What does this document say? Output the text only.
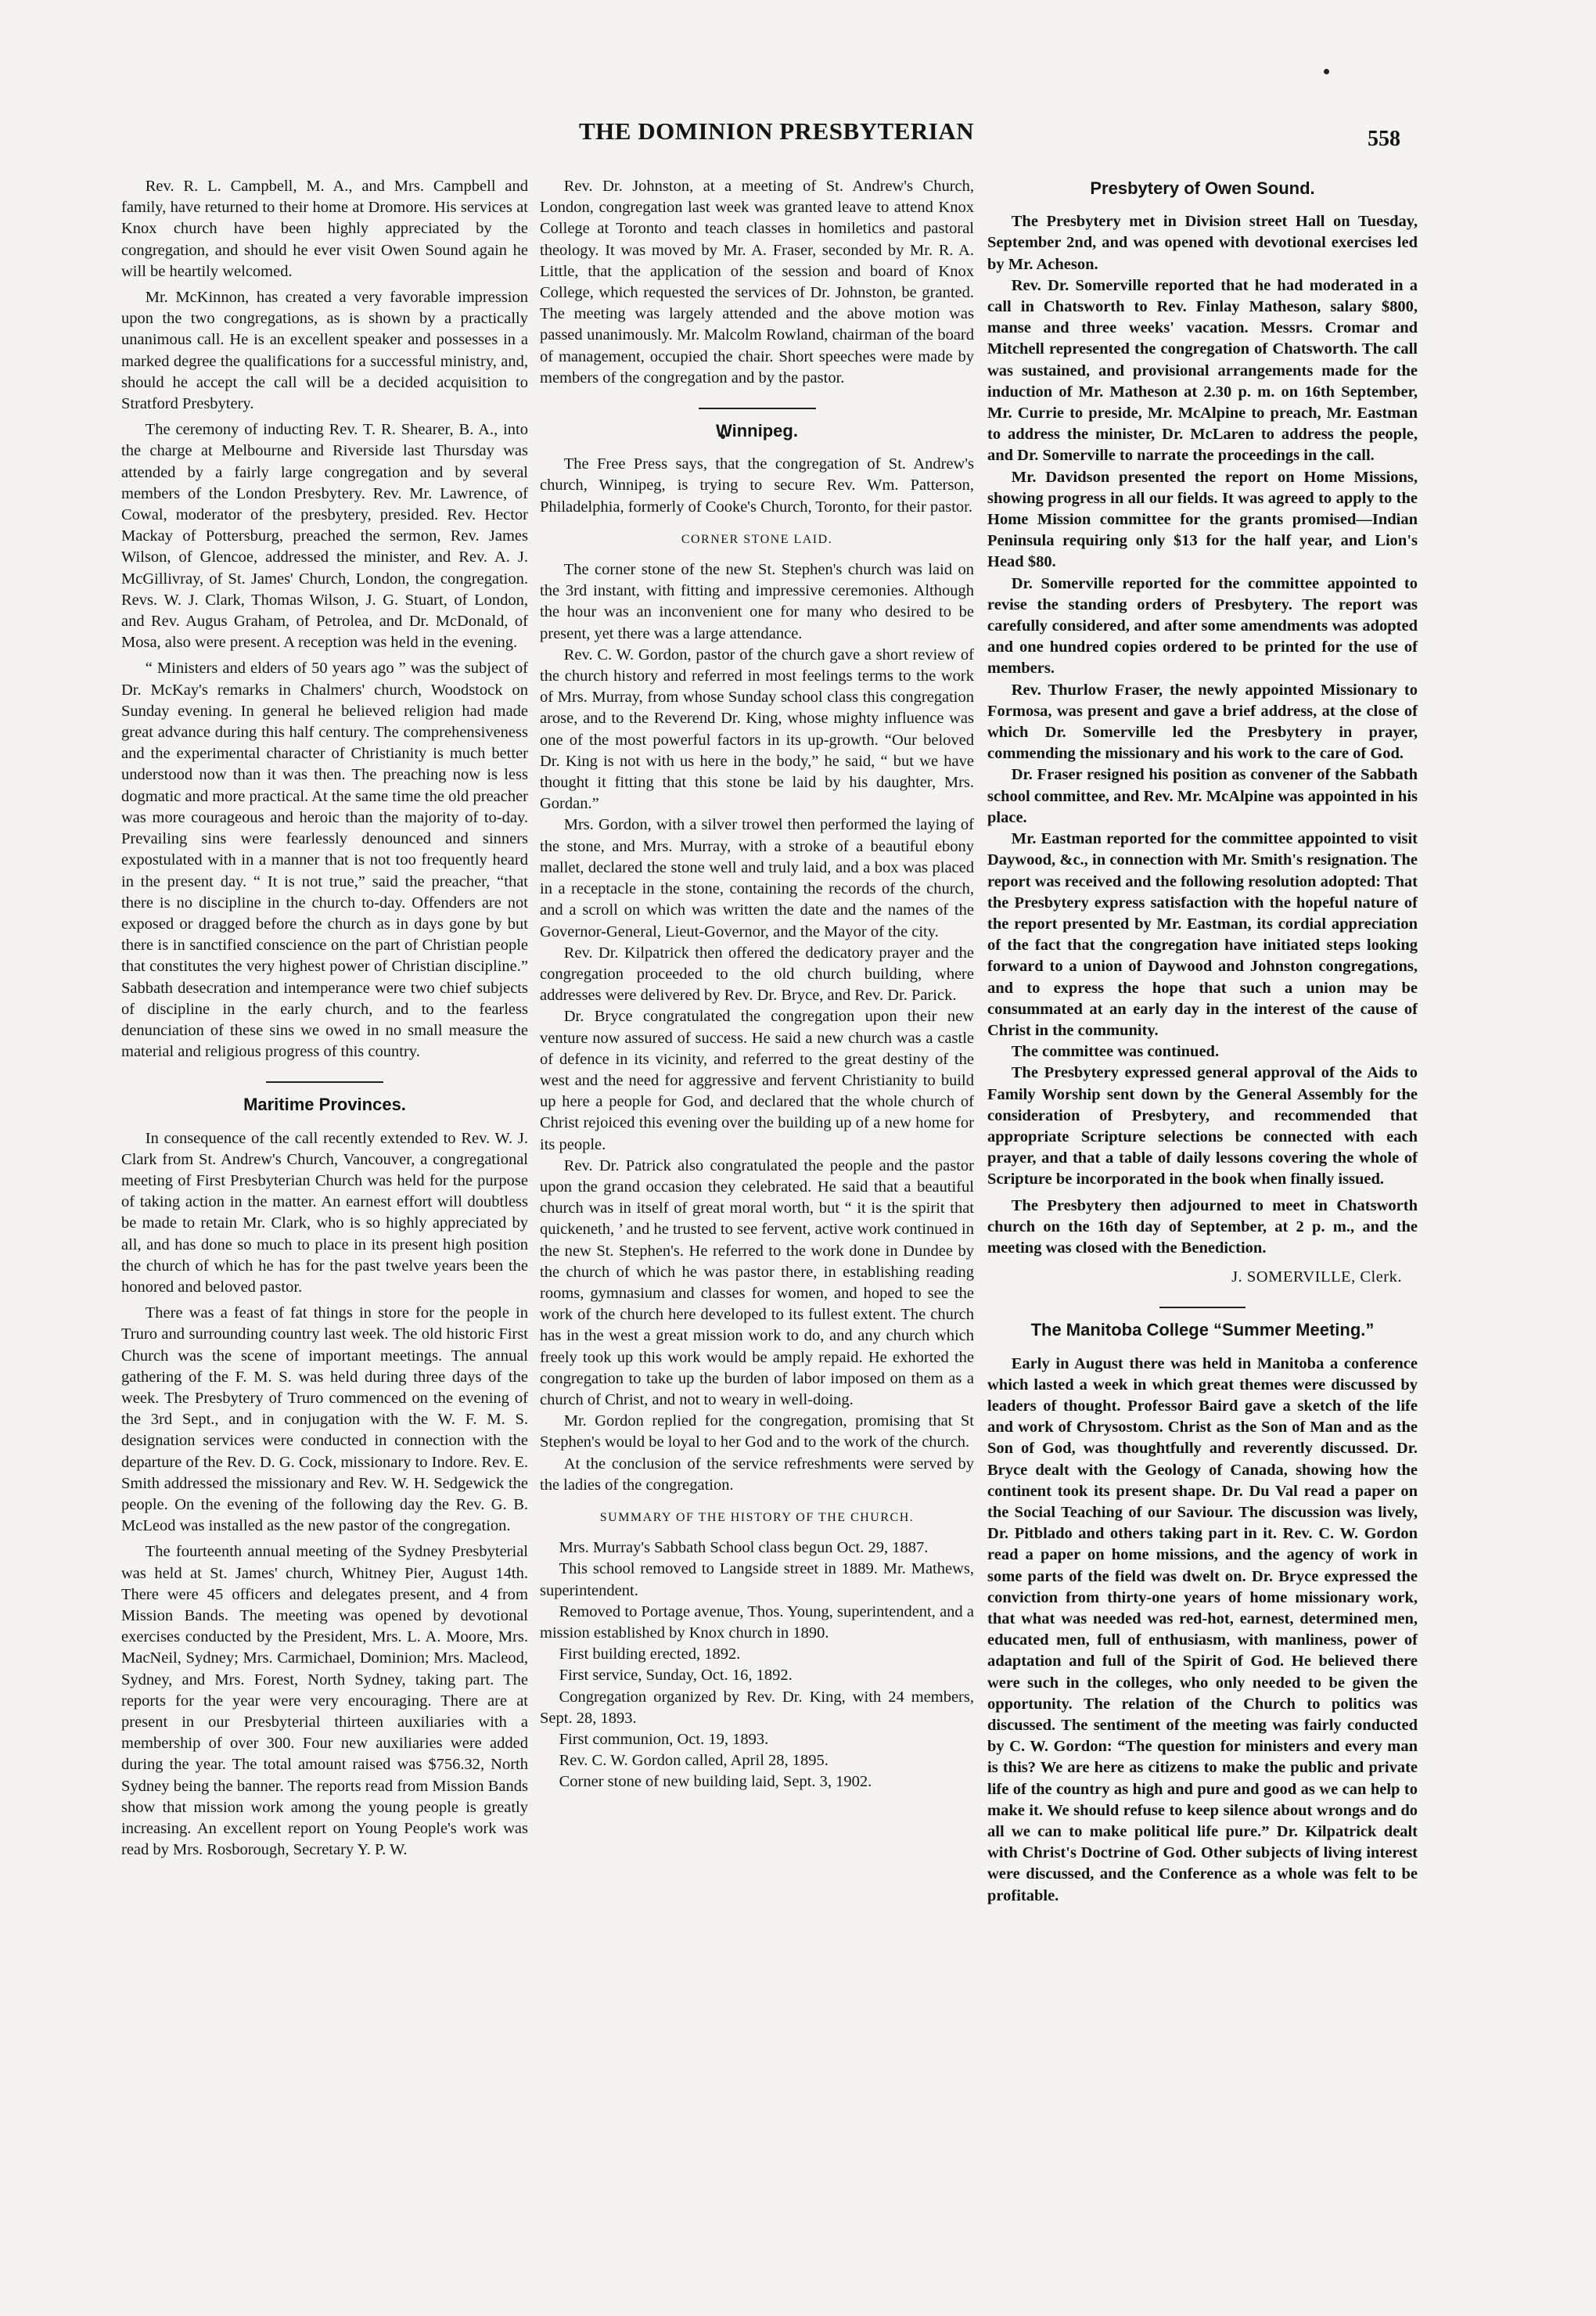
THE DOMINION PRESBYTERIAN	558

Rev. R. L. Campbell, M. A., and Mrs. Campbell and family, have returned to their home at Dromore. His services at Knox church have been highly appreciated by the congregation, and should he ever visit Owen Sound again he will be heartily welcomed.

Mr. McKinnon, has created a very favorable impression upon the two congregations, as is shown by a practically unanimous call. He is an excellent speaker and possesses in a marked degree the qualifications for a successful ministry, and, should he accept the call will be a decided acquisition to Stratford Presbytery.

The ceremony of inducting Rev. T. R. Shearer, B. A., into the charge at Melbourne and Riverside last Thursday was attended by a fairly large congregation and by several members of the London Presbytery. Rev. Mr. Lawrence, of Cowal, moderator of the presbytery, presided. Rev. Hector Mackay of Pottersburg, preached the sermon, Rev. James Wilson, of Glencoe, addressed the minister, and Rev. A. J. McGillivray, of St. James' Church, London, the congregation. Revs. W. J. Clark, Thomas Wilson, J. G. Stuart, of London, and Rev. Augus Graham, of Petrolea, and Dr. McDonald, of Mosa, also were present. A reception was held in the evening.

“ Ministers and elders of 50 years ago ” was the subject of Dr. McKay's remarks in Chalmers' church, Woodstock on Sunday evening. In general he believed religion had made great advance during this half century. The comprehensiveness and the experimental character of Christianity is much better understood now than it was then. The preaching now is less dogmatic and more practical. At the same time the old preacher was more courageous and heroic than the majority of to-day. Prevailing sins were fearlessly denounced and sinners expostulated with in a manner that is not too frequently heard in the present day. “ It is not true,” said the preacher, “that there is no discipline in the church to-day. Offenders are not exposed or dragged before the church as in days gone by but there is in sanctified conscience on the part of Christian people that constitutes the very highest power of Christian discipline.” Sabbath desecration and intemperance were two chief subjects of discipline in the early church, and to the fearless denunciation of these sins we owed in no small measure the material and religious progress of this country.

Maritime Provinces.

In consequence of the call recently extended to Rev. W. J. Clark from St. Andrew's Church, Vancouver, a congregational meeting of First Presbyterian Church was held for the purpose of taking action in the matter. An earnest effort will doubtless be made to retain Mr. Clark, who is so highly appreciated by all, and has done so much to place in its present high position the church of which he has for the past twelve years been the honored and beloved pastor.

There was a feast of fat things in store for the people in Truro and surrounding country last week. The old historic First Church was the scene of important meetings. The annual gathering of the F. M. S. was held during three days of the week. The Presbytery of Truro commenced on the evening of the 3rd Sept., and in conjugation with the W. F. M. S. designation services were conducted in connection with the departure of the Rev. D. G. Cock, missionary to Indore. Rev. E. Smith addressed the missionary and Rev. W. H. Sedgewick the people. On the evening of the following day the Rev. G. B. McLeod was installed as the new pastor of the congregation.

The fourteenth annual meeting of the Sydney Presbyterial was held at St. James' church, Whitney Pier, August 14th. There were 45 officers and delegates present, and 4 from Mission Bands. The meeting was opened by devotional exercises conducted by the President, Mrs. L. A. Moore, Mrs. MacNeil, Sydney; Mrs. Carmichael, Dominion; Mrs. Macleod, Sydney, and Mrs. Forest, North Sydney, taking part. The reports for the year were very encouraging. There are at present in our Presbyterial thirteen auxiliaries with a membership of over 300. Four new auxiliaries were added during the year. The total amount raised was $756.32, North Sydney being the banner. The reports read from Mission Bands show that mission work among the young people is greatly increasing. An excellent report on Young People's work was read by Mrs. Rosborough, Secretary Y. P. W.

Rev. Dr. Johnston, at a meeting of St. Andrew's Church, London, congregation last week was granted leave to attend Knox College at Toronto and teach classes in homiletics and pastoral theology. It was moved by Mr. A. Fraser, seconded by Mr. R. A. Little, that the application of the session and board of Knox College, which requested the services of Dr. Johnston, be granted. The meeting was largely attended and the above motion was passed unanimously. Mr. Malcolm Rowland, chairman of the board of management, occupied the chair. Short speeches were made by members of the congregation and by the pastor.

Winnipeg.

The Free Press says, that the congregation of St. Andrew's church, Winnipeg, is trying to secure Rev. Wm. Patterson, Philadelphia, formerly of Cooke's Church, Toronto, for their pastor.

CORNER STONE LAID.

The corner stone of the new St. Stephen's church was laid on the 3rd instant, with fitting and impressive ceremonies. Although the hour was an inconvenient one for many who desired to be present, yet there was a large attendance.

Rev. C. W. Gordon, pastor of the church gave a short review of the church history and referred in most feelings terms to the work of Mrs. Murray, from whose Sunday school class this congregation arose, and to the Reverend Dr. King, whose mighty influence was one of the most powerful factors in its up-growth. “Our beloved Dr. King is not with us here in the body,” he said, “ but we have thought it fitting that this stone be laid by his daughter, Mrs. Gordan.”

Mrs. Gordon, with a silver trowel then performed the laying of the stone, and Mrs. Murray, with a stroke of a beautiful ebony mallet, declared the stone well and truly laid, and a box was placed in a receptacle in the stone, containing the records of the church, and a scroll on which was written the date and the names of the Governor-General, Lieut-Governor, and the Mayor of the city.

Rev. Dr. Kilpatrick then offered the dedicatory prayer and the congregation proceeded to the old church building, where addresses were delivered by Rev. Dr. Bryce, and Rev. Dr. Parick.

Dr. Bryce congratulated the congregation upon their new venture now assured of success. He said a new church was a castle of defence in its vicinity, and referred to the great destiny of the west and the need for aggressive and fervent Christianity to build up here a people for God, and declared that the whole church of Christ rejoiced this evening over the building up of a new home for its people.

Rev. Dr. Patrick also congratulated the people and the pastor upon the grand occasion they celebrated. He said that a beautiful church was in itself of great moral worth, but “ it is the spirit that quickeneth, ’ and he trusted to see fervent, active work continued in the new St. Stephen's. He referred to the work done in Dundee by the church of which he was pastor there, in establishing reading rooms, gymnasium and classes for women, and hoped to see the work of the church here developed to its fullest extent. The church has in the west a great mission work to do, and any church which freely took up this work would be amply repaid. He exhorted the congregation to take up the burden of labor imposed on them as a church of Christ, and not to weary in well-doing.

Mr. Gordon replied for the congregation, promising that St Stephen's would be loyal to her God and to the work of the church.

At the conclusion of the service refreshments were served by the ladies of the congregation.

SUMMARY OF THE HISTORY OF THE CHURCH.

Mrs. Murray's Sabbath School class begun Oct. 29, 1887.

This school removed to Langside street in 1889. Mr. Mathews, superintendent.

Removed to Portage avenue, Thos. Young, superintendent, and a mission established by Knox church in 1890.

First building erected, 1892.

First service, Sunday, Oct. 16, 1892.

Congregation organized by Rev. Dr. King, with 24 members, Sept. 28, 1893.

First communion, Oct. 19, 1893.

Rev. C. W. Gordon called, April 28, 1895.

Corner stone of new building laid, Sept. 3, 1902.

Presbytery of Owen Sound.

The Presbytery met in Division street Hall on Tuesday, September 2nd, and was opened with devotional exercises led by Mr. Acheson.

Rev. Dr. Somerville reported that he had moderated in a call in Chatsworth to Rev. Finlay Matheson, salary $800, manse and three weeks' vacation. Messrs. Cromar and Mitchell represented the congregation of Chatsworth. The call was sustained, and provisional arrangements made for the induction of Mr. Matheson at 2.30 p. m. on 16th September, Mr. Currie to preside, Mr. McAlpine to preach, Mr. Eastman to address the minister, Dr. McLaren to address the people, and Dr. Somerville to narrate the proceedings in the call.

Mr. Davidson presented the report on Home Missions, showing progress in all our fields. It was agreed to apply to the Home Mission committee for the grants promised—Indian Peninsula requiring only $13 for the half year, and Lion's Head $80.

Dr. Somerville reported for the committee appointed to revise the standing orders of Presbytery. The report was carefully considered, and after some amendments was adopted and one hundred copies ordered to be printed for the use of members.

Rev. Thurlow Fraser, the newly appointed Missionary to Formosa, was present and gave a brief address, at the close of which Dr. Somerville led the Presbytery in prayer, commending the missionary and his work to the care of God.

Dr. Fraser resigned his position as convener of the Sabbath school committee, and Rev. Mr. McAlpine was appointed in his place.

Mr. Eastman reported for the committee appointed to visit Daywood, &c., in connection with Mr. Smith's resignation. The report was received and the following resolution adopted: That the Presbytery express satisfaction with the hopeful nature of the report presented by Mr. Eastman, its cordial appreciation of the fact that the congregation have initiated steps looking forward to a union of Daywood and Johnston congregations, and to express the hope that such a union may be consummated at an early day in the interest of the cause of Christ in the community.

The committee was continued.

The Presbytery expressed general approval of the Aids to Family Worship sent down by the General Assembly for the consideration of Presbytery, and recommended that appropriate Scripture selections be connected with each prayer, and that a table of daily lessons covering the whole of Scripture be incorporated in the book when finally issued.

The Presbytery then adjourned to meet in Chatsworth church on the 16th day of September, at 2 p. m., and the meeting was closed with the Benediction.

J. SOMERVILLE, Clerk.
The Manitoba College “Summer Meeting.”

Early in August there was held in Manitoba a conference which lasted a week in which great themes were discussed by leaders of thought. Professor Baird gave a sketch of the life and work of Chrysostom. Christ as the Son of Man and as the Son of God, was thoughtfully and reverently discussed. Dr. Bryce dealt with the Geology of Canada, showing how the continent took its present shape. Dr. Du Val read a paper on the Social Teaching of our Saviour. The discussion was lively, Dr. Pitblado and others taking part in it. Rev. C. W. Gordon read a paper on home missions, and the agency of work in some parts of the field was dwelt on. Dr. Bryce expressed the conviction from thirty-one years of home missionary work, that what was needed was red-hot, earnest, determined men, educated men, full of enthusiasm, with manliness, power of adaptation and full of the Spirit of God. He believed there were such in the colleges, who only needed to be given the opportunity. The relation of the Church to politics was discussed. The sentiment of the meeting was fairly conducted by C. W. Gordon: “The question for ministers and every man is this? We are here as citizens to make the public and private life of the country as high and pure and good as we can help to make it. We should refuse to keep silence about wrongs and do all we can to make political life pure.” Dr. Kilpatrick dealt with Christ's Doctrine of God. Other subjects of living interest were discussed, and the Conference as a whole was felt to be profitable.
